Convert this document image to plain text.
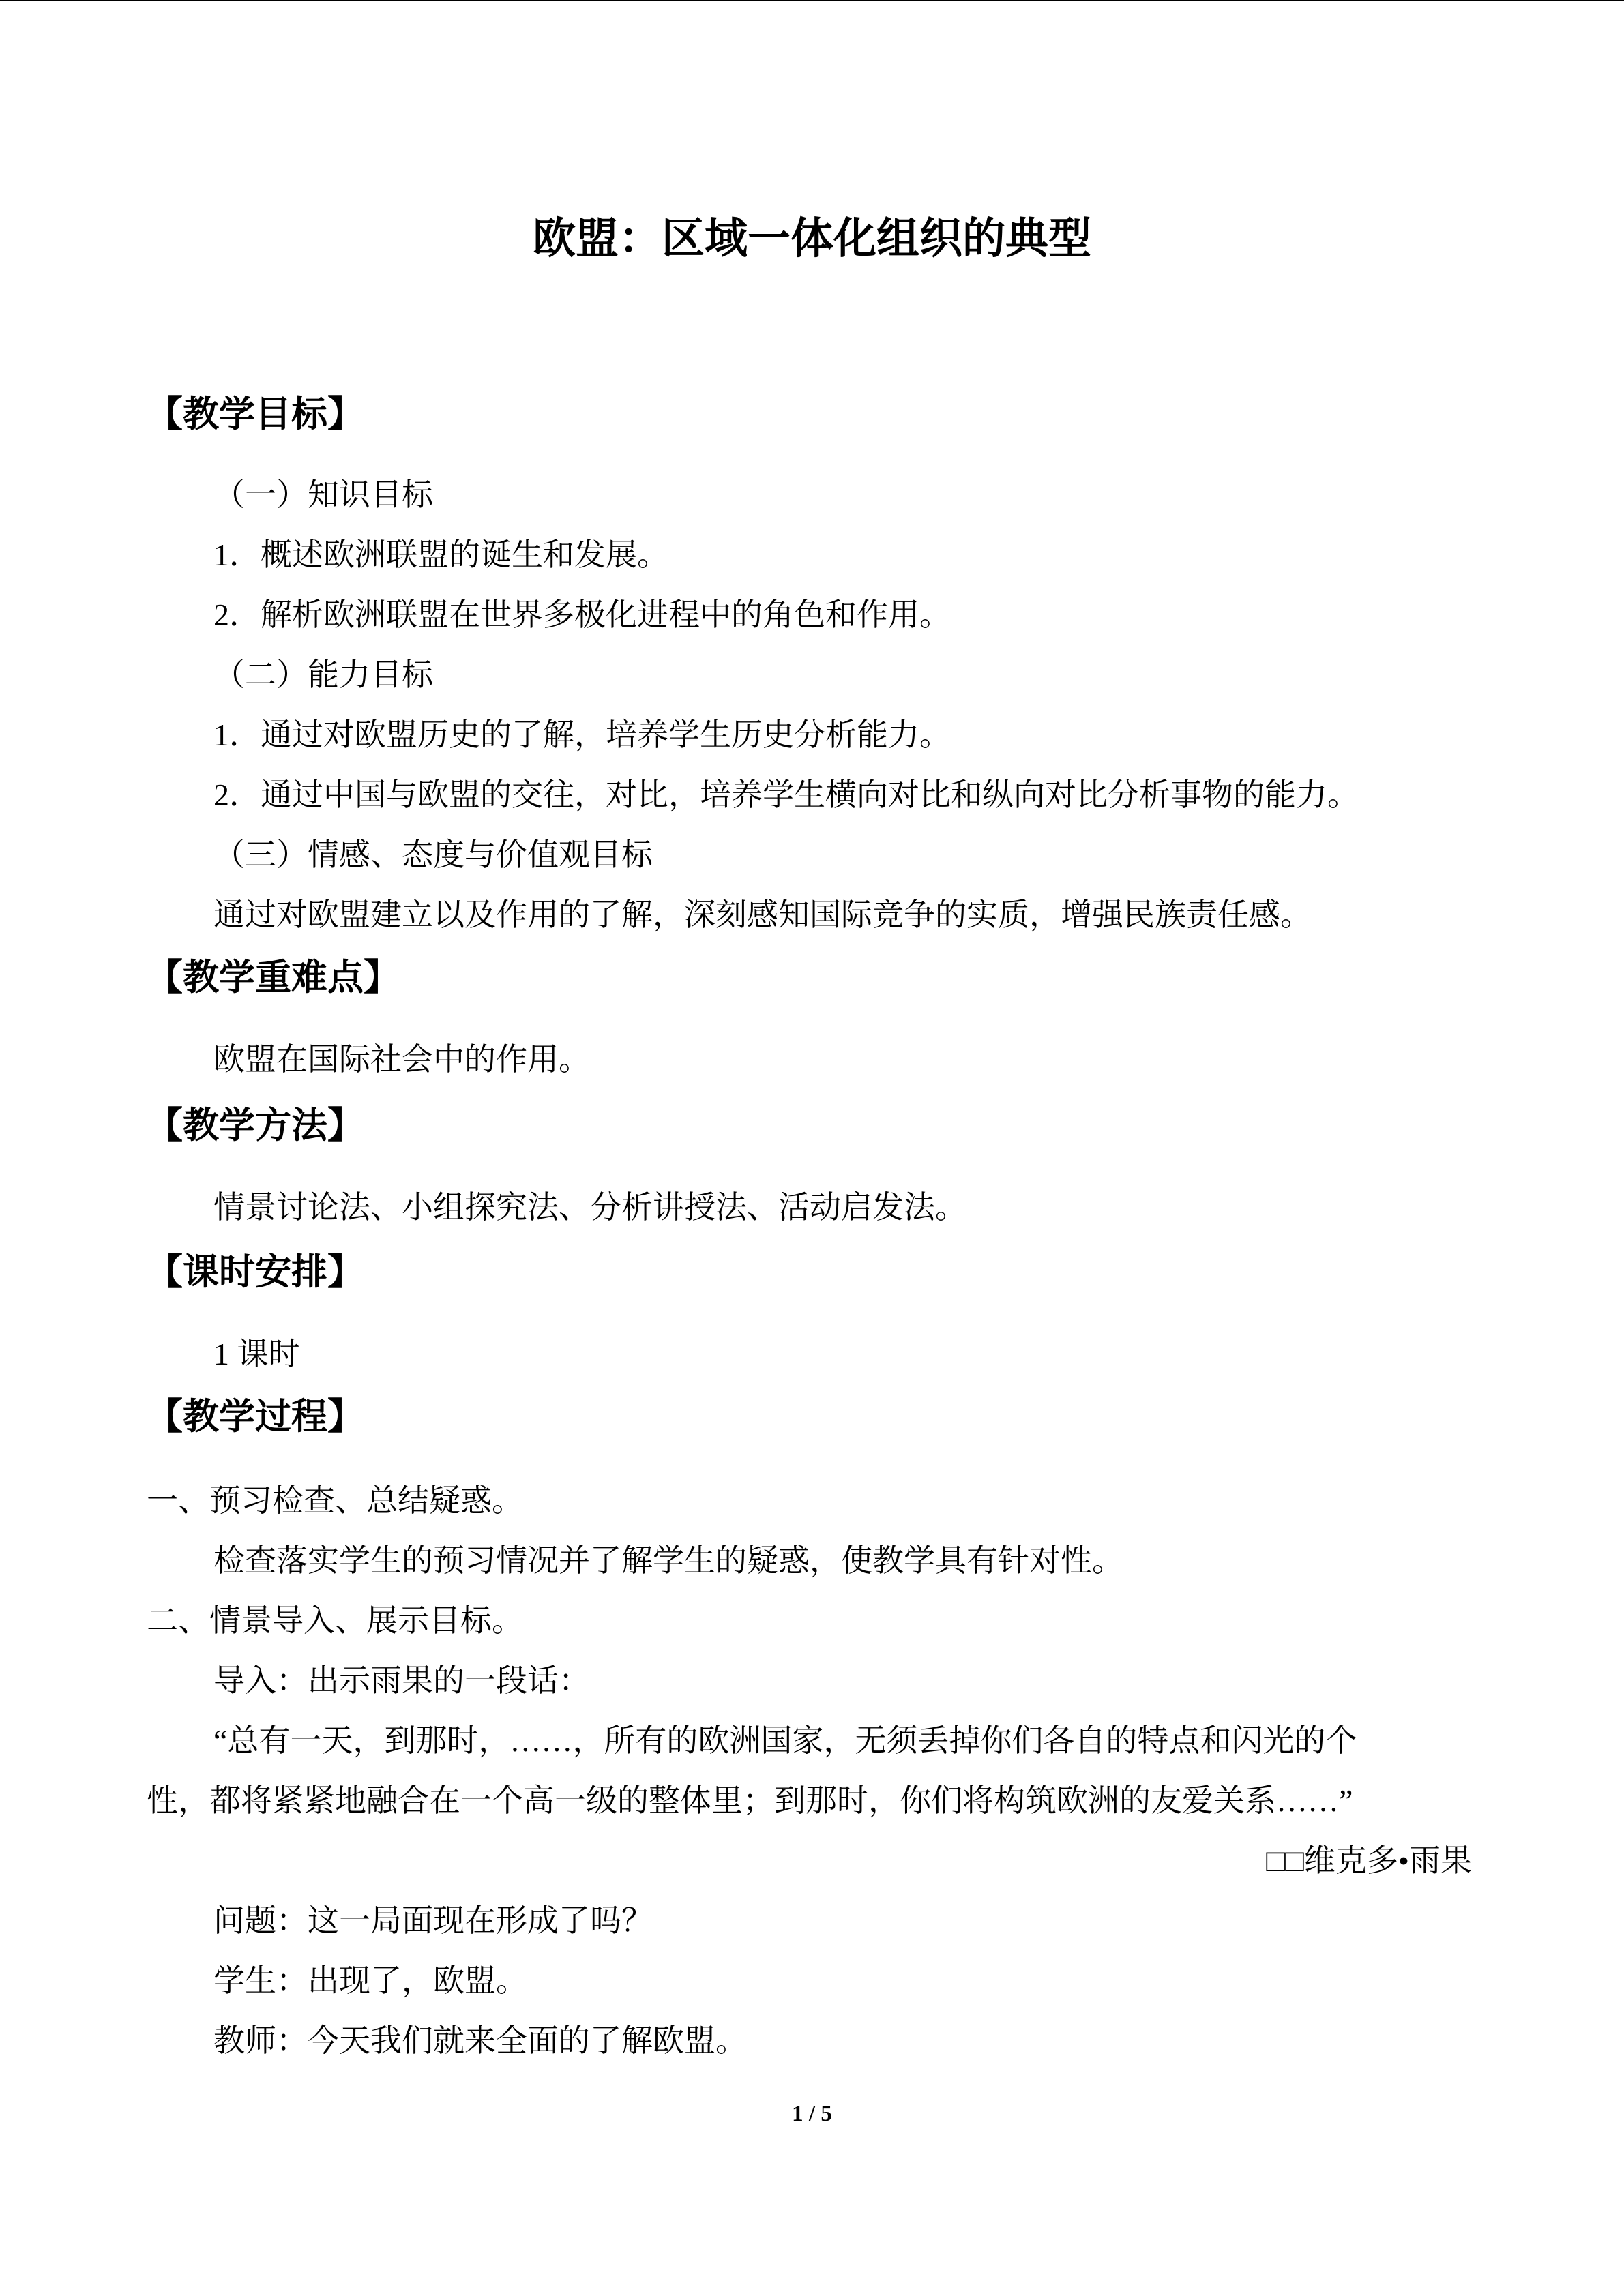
欧盟：区域一体化组织的典型
【教学目标】
（一）知识目标
1．概述欧洲联盟的诞生和发展。
2．解析欧洲联盟在世界多极化进程中的角色和作用。
（二）能力目标
1．通过对欧盟历史的了解，培养学生历史分析能力。
2．通过中国与欧盟的交往，对比，培养学生横向对比和纵向对比分析事物的能力。
（三）情感、态度与价值观目标
通过对欧盟建立以及作用的了解，深刻感知国际竞争的实质，增强民族责任感。
【教学重难点】
欧盟在国际社会中的作用。
【教学方法】
情景讨论法、小组探究法、分析讲授法、活动启发法。
【课时安排】
1 课时
【教学过程】
一、预习检查、总结疑惑。
检查落实学生的预习情况并了解学生的疑惑，使教学具有针对性。
二、情景导入、展示目标。
导入：出示雨果的一段话：
“总有一天，到那时，……，所有的欧洲国家，无须丢掉你们各自的特点和闪光的个
性，都将紧紧地融合在一个高一级的整体里；到那时，你们将构筑欧洲的友爱关系……”
□□维克多•雨果
问题：这一局面现在形成了吗？
学生：出现了，欧盟。
教师：今天我们就来全面的了解欧盟。
1 / 5
